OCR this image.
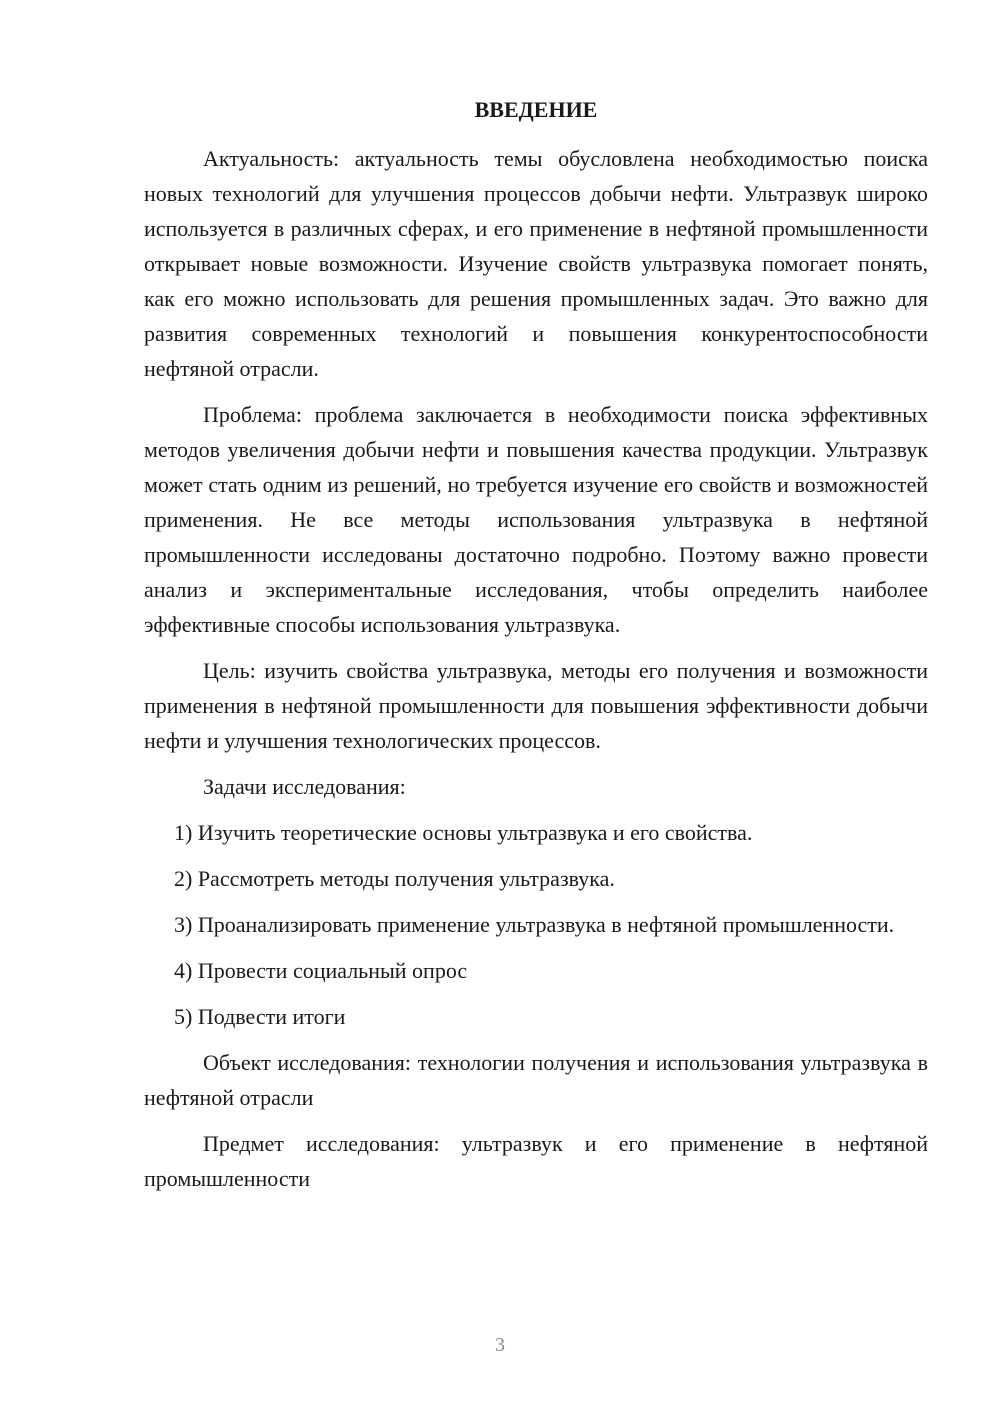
ВВЕДЕНИЕ

Актуальность: актуальность темы обусловлена необходимостью поиска новых технологий для улучшения процессов добычи нефти. Ультразвук широко используется в различных сферах, и его применение в нефтяной промышленности открывает новые возможности. Изучение свойств ультразвука помогает понять, как его можно использовать для решения промышленных задач. Это важно для развития современных технологий и повышения конкурентоспособности нефтяной отрасли.

Проблема: проблема заключается в необходимости поиска эффективных методов увеличения добычи нефти и повышения качества продукции. Ультразвук может стать одним из решений, но требуется изучение его свойств и возможностей применения. Не все методы использования ультразвука в нефтяной промышленности исследованы достаточно подробно. Поэтому важно провести анализ и экспериментальные исследования, чтобы определить наиболее эффективные способы использования ультразвука.

Цель: изучить свойства ультразвука, методы его получения и возможности применения в нефтяной промышленности для повышения эффективности добычи нефти и улучшения технологических процессов.

Задачи исследования:

1) Изучить теоретические основы ультразвука и его свойства.

2) Рассмотреть методы получения ультразвука.

3) Проанализировать применение ультразвука в нефтяной промышленности.

4) Провести социальный опрос

5) Подвести итоги

Объект исследования: технологии получения и использования ультразвука в нефтяной отрасли

Предмет исследования: ультразвук и его применение в нефтяной промышленности

3
